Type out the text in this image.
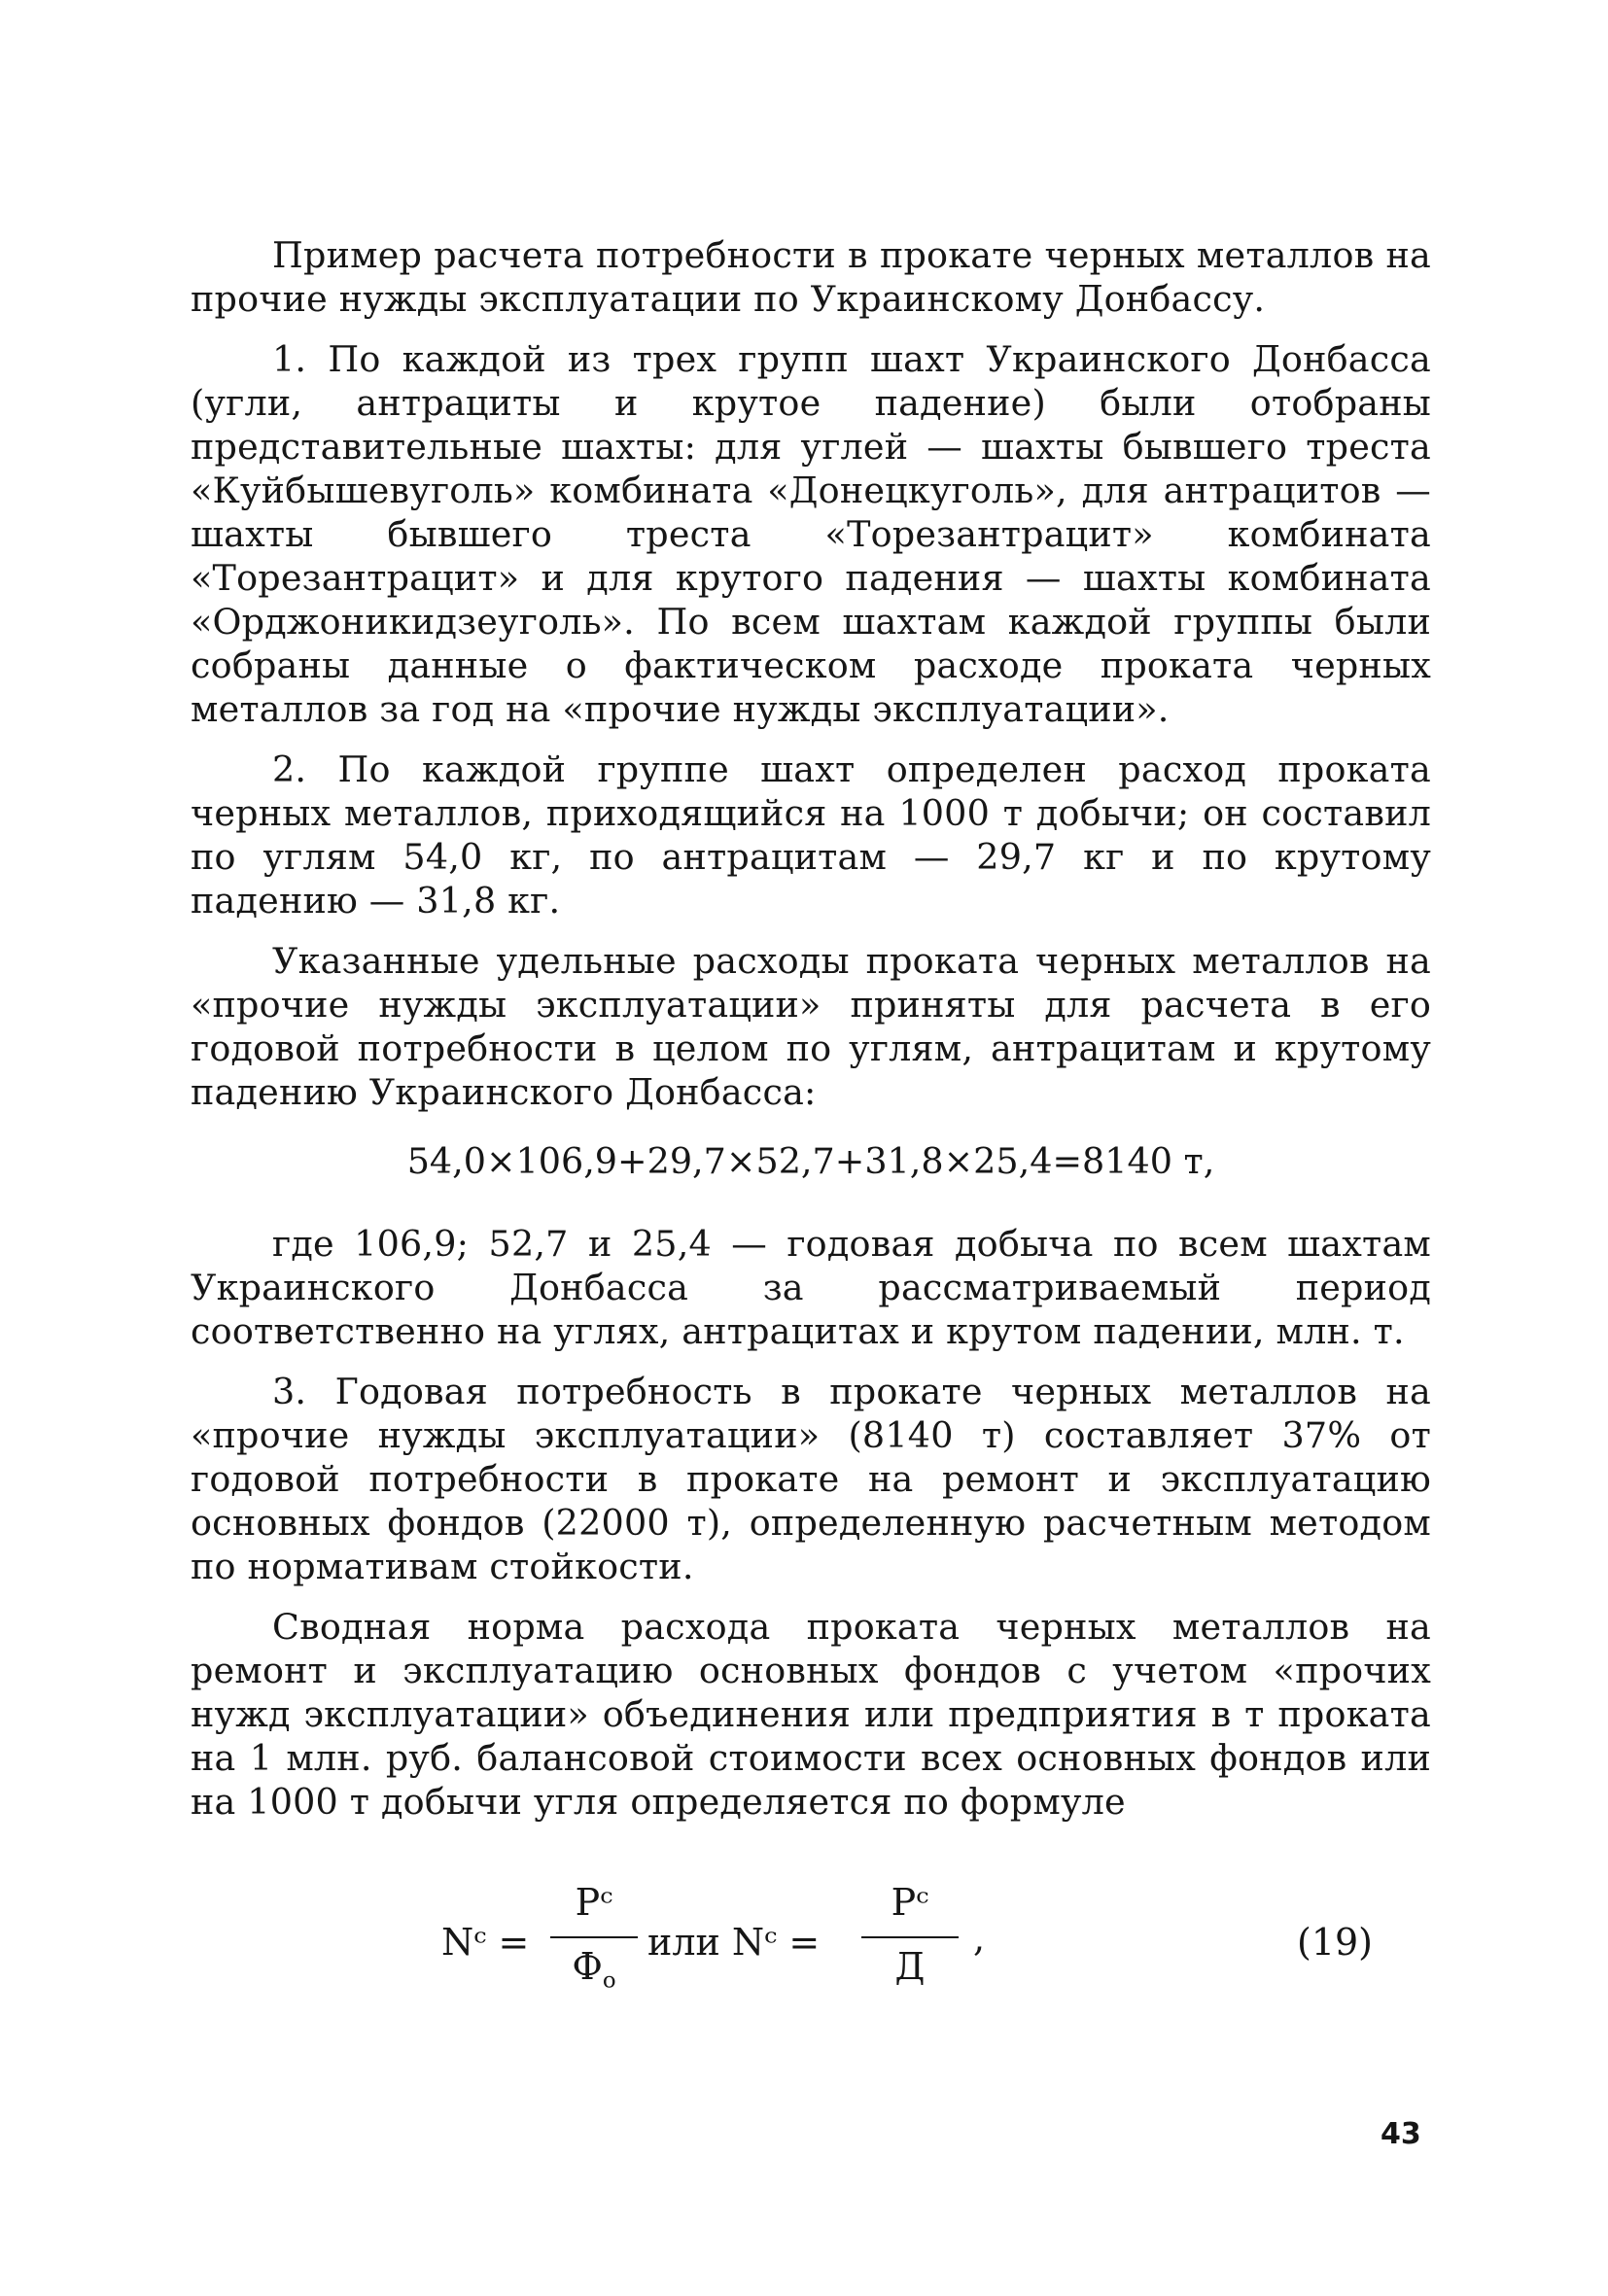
Пример расчета потребности в прокате черных металлов на прочие нужды эксплуатации по Украинскому Донбассу.

1. По каждой из трех групп шахт Украинского Донбасса (угли, антрациты и крутое падение) были отобраны представительные шахты: для углей — шахты бывшего треста «Куйбышевуголь» комбината «Донецкуголь», для антрацитов — шахты бывшего треста «Торезантрацит» комбината «Торезантрацит» и для крутого падения — шахты комбината «Орджоникидзеуголь». По всем шахтам каждой группы были собраны данные о фактическом расходе проката черных металлов за год на «прочие нужды эксплуатации».

2. По каждой группе шахт определен расход проката черных металлов, приходящийся на 1000 т добычи; он составил по углям 54,0 кг, по антрацитам — 29,7 кг и по крутому падению — 31,8 кг.

Указанные удельные расходы проката черных металлов на «прочие нужды эксплуатации» приняты для расчета в его годовой потребности в целом по углям, антрацитам и крутому падению Украинского Донбасса:

54,0×106,9+29,7×52,7+31,8×25,4=8140 т,

где 106,9; 52,7 и 25,4 — годовая добыча по всем шахтам Украинского Донбасса за рассматриваемый период соответственно на углях, антрацитах и крутом падении, млн. т.

3. Годовая потребность в прокате черных металлов на «прочие нужды эксплуатации» (8140 т) составляет 37% от годовой потребности в прокате на ремонт и эксплуатацию основных фондов (22000 т), определенную расчетным методом по нормативам стойкости.

Сводная норма расхода проката черных металлов на ремонт и эксплуатацию основных фондов с учетом «прочих нужд эксплуатации» объединения или предприятия в т проката на 1 млн. руб. балансовой стоимости всех основных фондов или на 1000 т добычи угля определяется по формуле

Nᶜ =
Pᶜ
$Ф_о$
или Nᶜ =
Pᶜ
Д
,	(19)
43
